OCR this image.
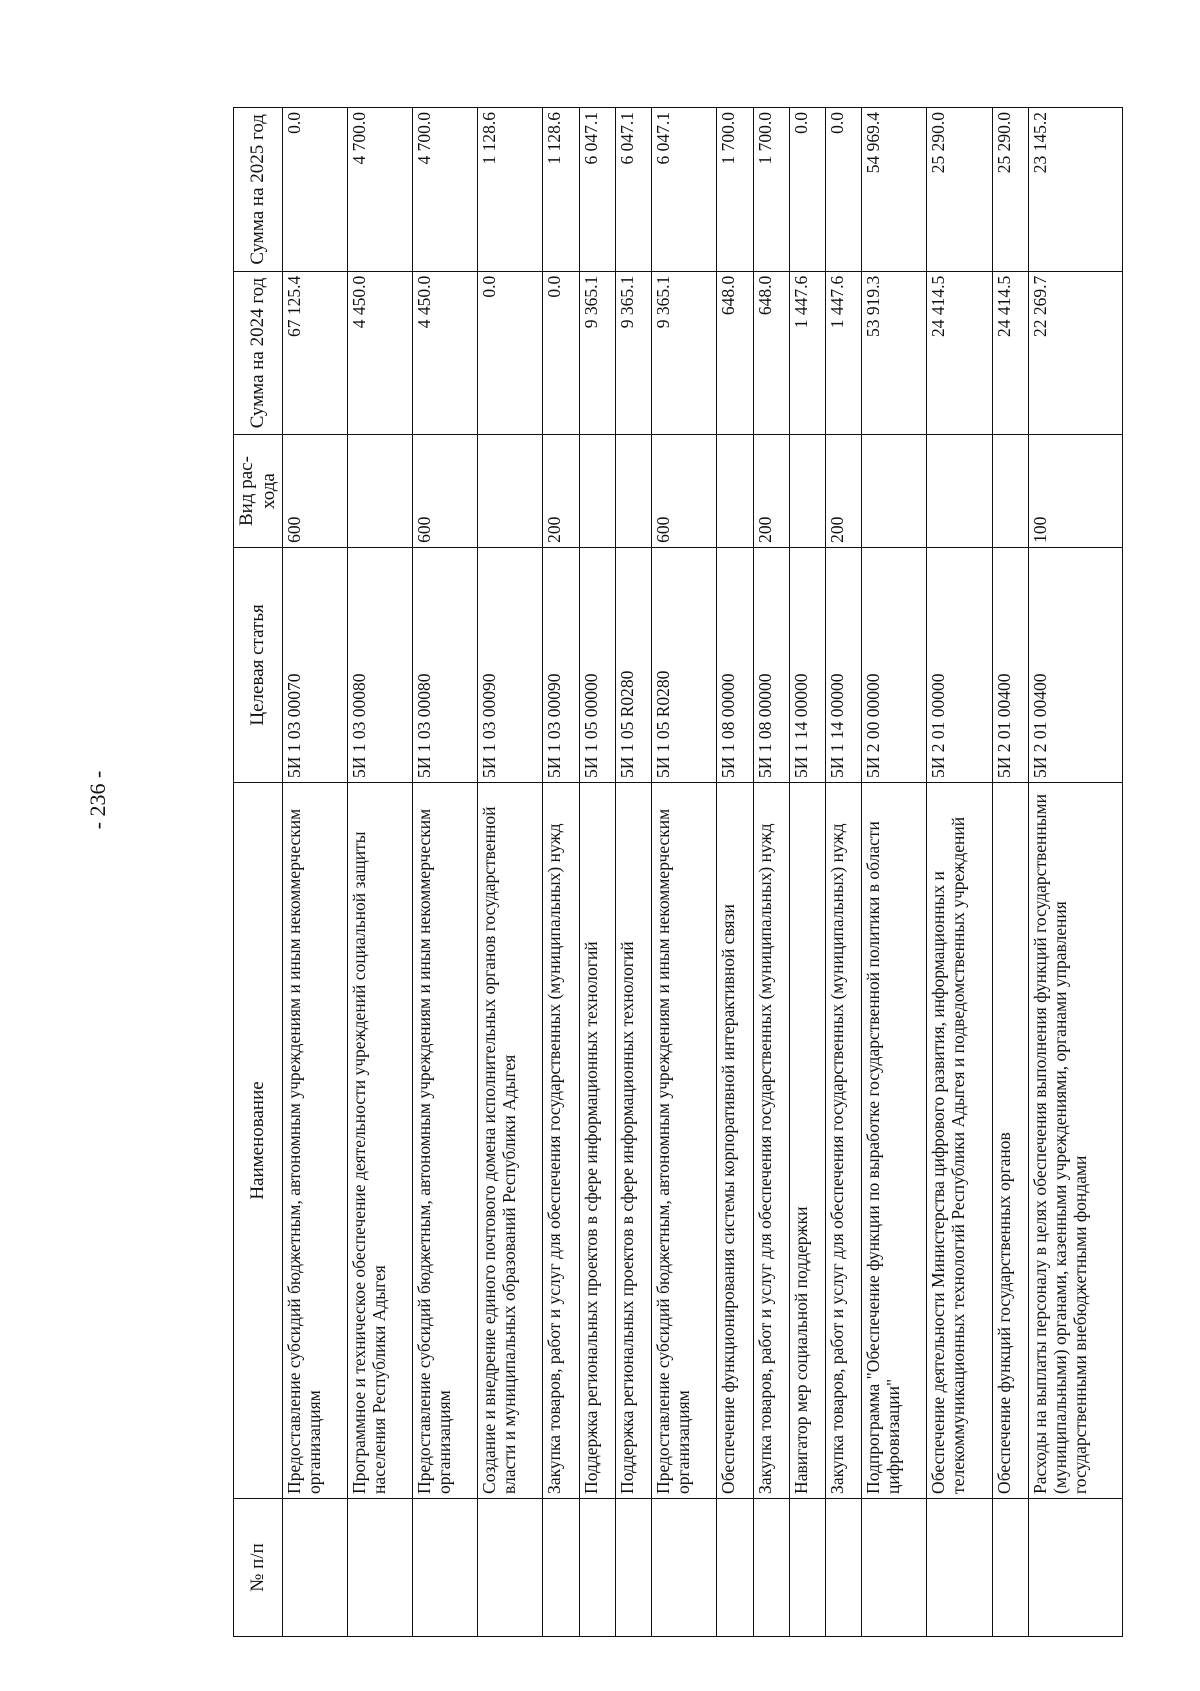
- 236 -
№ п/п	Наименование	Целевая статья	Вид рас-хода	Сумма на 2024 год	Сумма на 2025 год
	Предоставление субсидий бюджетным, автономным учреждениям и иным некоммерческим организациям	5И 1 03 00070	600	67 125.4	0.0
	Программное и техническое обеспечение деятельности учреждений социальной защиты населения Республики Адыгея	5И 1 03 00080		4 450.0	4 700.0
	Предоставление субсидий бюджетным, автономным учреждениям и иным некоммерческим организациям	5И 1 03 00080	600	4 450.0	4 700.0
	Создание и внедрение единого почтового домена исполнительных органов государственной власти и муниципальных образований Республики Адыгея	5И 1 03 00090		0.0	1 128.6
	Закупка товаров, работ и услуг для обеспечения государственных (муниципальных) нужд	5И 1 03 00090	200	0.0	1 128.6
	Поддержка региональных проектов в сфере информационных технологий	5И 1 05 00000		9 365.1	6 047.1
	Поддержка региональных проектов в сфере информационных технологий	5И 1 05 R0280		9 365.1	6 047.1
	Предоставление субсидий бюджетным, автономным учреждениям и иным некоммерческим организациям	5И 1 05 R0280	600	9 365.1	6 047.1
	Обеспечение функционирования системы корпоративной интерактивной связи	5И 1 08 00000		648.0	1 700.0
	Закупка товаров, работ и услуг для обеспечения государственных (муниципальных) нужд	5И 1 08 00000	200	648.0	1 700.0
	Навигатор мер социальной поддержки	5И 1 14 00000		1 447.6	0.0
	Закупка товаров, работ и услуг для обеспечения государственных (муниципальных) нужд	5И 1 14 00000	200	1 447.6	0.0
	Подпрограмма "Обеспечение функции по выработке государственной политики в области цифровизации"	5И 2 00 00000		53 919.3	54 969.4
	Обеспечение деятельности Министерства цифрового развития, информационных и телекоммуникационных технологий Республики Адыгея и подведомственных учреждений	5И 2 01 00000		24 414.5	25 290.0
	Обеспечение функций государственных органов	5И 2 01 00400		24 414.5	25 290.0
	Расходы на выплаты персоналу в целях обеспечения выполнения функций государственными (муниципальными) органами, казенными учреждениями, органами управления государственными внебюджетными фондами	5И 2 01 00400	100	22 269.7	23 145.2
